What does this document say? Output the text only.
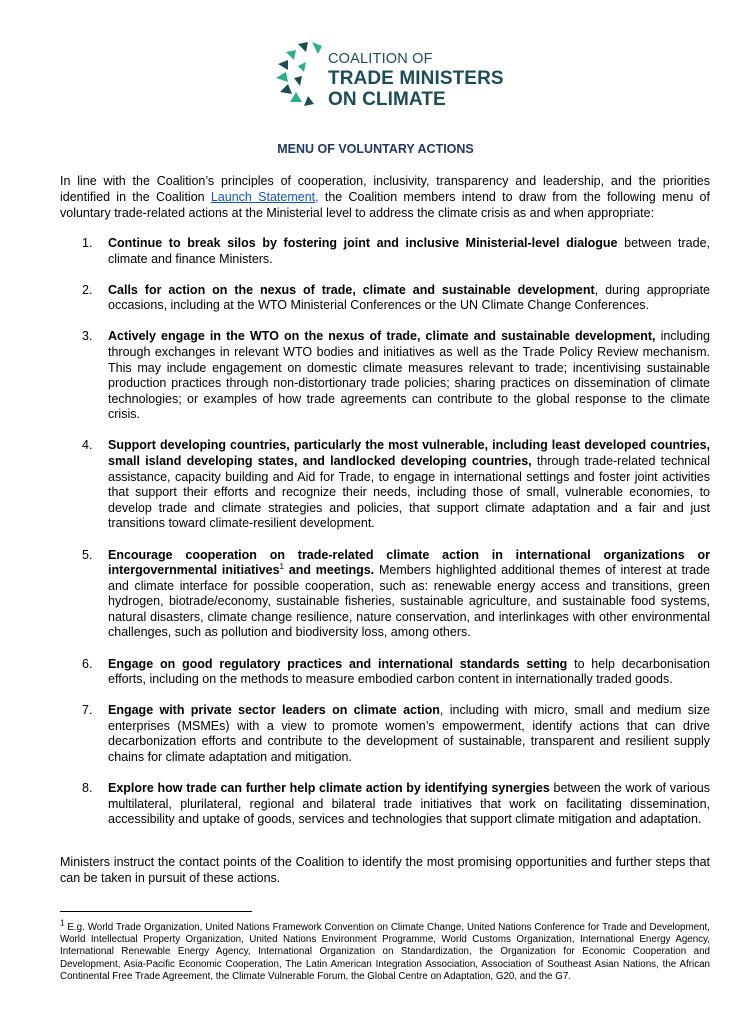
COALITION OF
TRADE MINISTERS
ON CLIMATE
MENU OF VOLUNTARY ACTIONS

In line with the Coalition’s principles of cooperation, inclusivity, transparency and leadership, and the priorities identified in the Coalition Launch Statement, the Coalition members intend to draw from the following menu of voluntary trade-related actions at the Ministerial level to address the climate crisis as and when appropriate:

1. Continue to break silos by fostering joint and inclusive Ministerial-level dialogue between trade, climate and finance Ministers.
2. Calls for action on the nexus of trade, climate and sustainable development, during appropriate occasions, including at the WTO Ministerial Conferences or the UN Climate Change Conferences.
3. Actively engage in the WTO on the nexus of trade, climate and sustainable development, including through exchanges in relevant WTO bodies and initiatives as well as the Trade Policy Review mechanism. This may include engagement on domestic climate measures relevant to trade; incentivising sustainable production practices through non-distortionary trade policies; sharing practices on dissemination of climate technologies; or examples of how trade agreements can contribute to the global response to the climate crisis.
4. Support developing countries, particularly the most vulnerable, including least developed countries, small island developing states, and landlocked developing countries, through trade-related technical assistance, capacity building and Aid for Trade, to engage in international settings and foster joint activities that support their efforts and recognize their needs, including those of small, vulnerable economies, to develop trade and climate strategies and policies, that support climate adaptation and a fair and just transitions toward climate-resilient development.
5. Encourage cooperation on trade-related climate action in international organizations or intergovernmental initiatives$^1$ and meetings. Members highlighted additional themes of interest at trade and climate interface for possible cooperation, such as: renewable energy access and transitions, green hydrogen, biotrade/economy, sustainable fisheries, sustainable agriculture, and sustainable food systems, natural disasters, climate change resilience, nature conservation, and interlinkages with other environmental challenges, such as pollution and biodiversity loss, among others.
6. Engage on good regulatory practices and international standards setting to help decarbonisation efforts, including on the methods to measure embodied carbon content in internationally traded goods.
7. Engage with private sector leaders on climate action, including with micro, small and medium size enterprises (MSMEs) with a view to promote women’s empowerment, identify actions that can drive decarbonization efforts and contribute to the development of sustainable, transparent and resilient supply chains for climate adaptation and mitigation.
8. Explore how trade can further help climate action by identifying synergies between the work of various multilateral, plurilateral, regional and bilateral trade initiatives that work on facilitating dissemination, accessibility and uptake of goods, services and technologies that support climate mitigation and adaptation.

Ministers instruct the contact points of the Coalition to identify the most promising opportunities and further steps that can be taken in pursuit of these actions.

$^1$ E.g. World Trade Organization, United Nations Framework Convention on Climate Change, United Nations Conference for Trade and Development, World Intellectual Property Organization, United Nations Environment Programme, World Customs Organization, International Energy Agency, International Renewable Energy Agency, International Organization on Standardization, the Organization for Economic Cooperation and Development, Asia-Pacific Economic Cooperation, The Latin American Integration Association, Association of Southeast Asian Nations, the African Continental Free Trade Agreement, the Climate Vulnerable Forum, the Global Centre on Adaptation, G20, and the G7.
